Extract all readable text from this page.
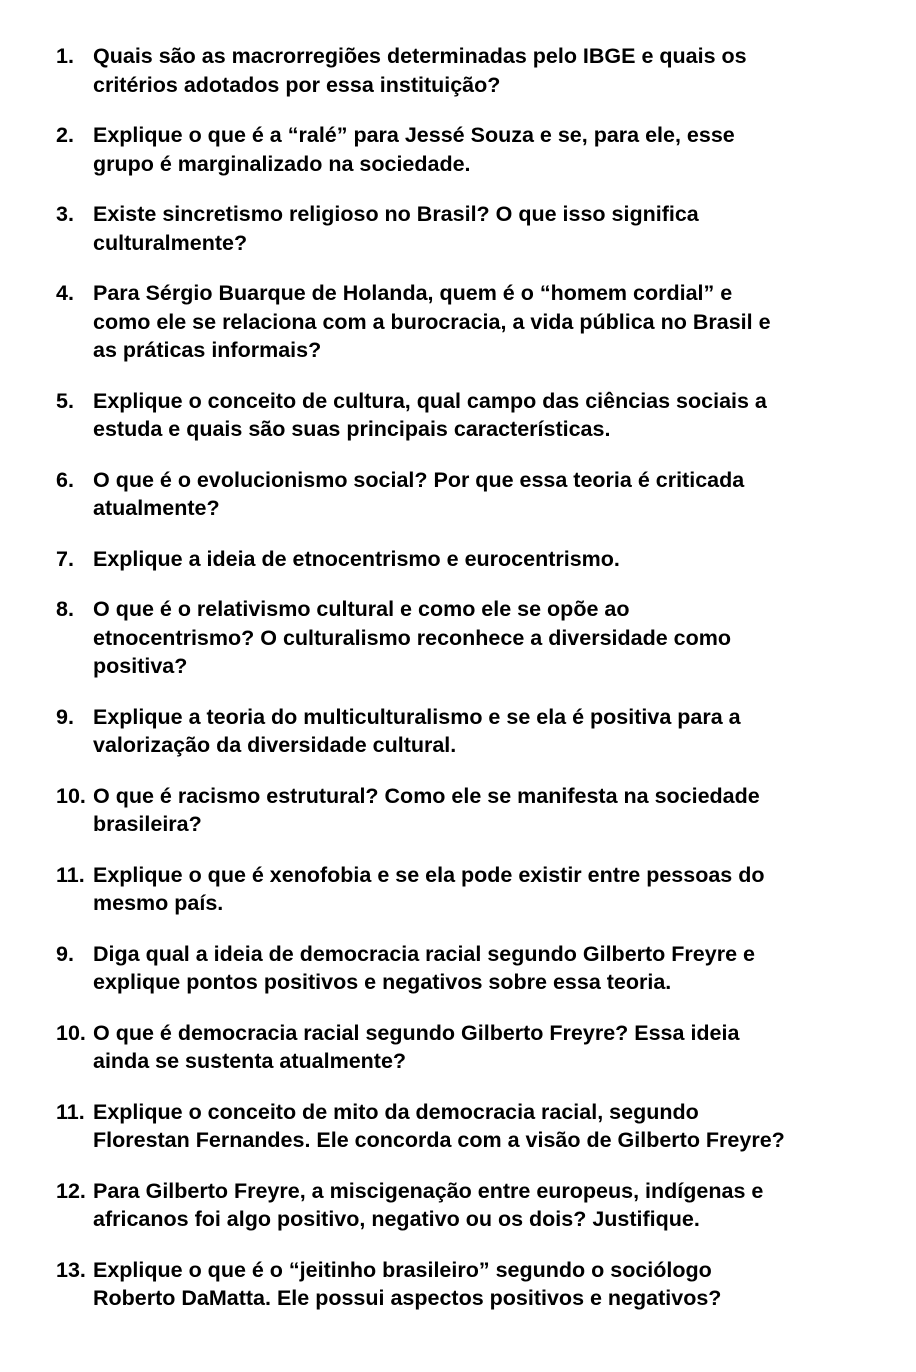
1. Quais são as macrorregiões determinadas pelo IBGE e quais os
critérios adotados por essa instituição?
2. Explique o que é a “ralé” para Jessé Souza e se, para ele, esse
grupo é marginalizado na sociedade.
3. Existe sincretismo religioso no Brasil? O que isso significa
culturalmente?
4. Para Sérgio Buarque de Holanda, quem é o “homem cordial” e
como ele se relaciona com a burocracia, a vida pública no Brasil e
as práticas informais?
5. Explique o conceito de cultura, qual campo das ciências sociais a
estuda e quais são suas principais características.
6. O que é o evolucionismo social? Por que essa teoria é criticada
atualmente?
7. Explique a ideia de etnocentrismo e eurocentrismo.
8. O que é o relativismo cultural e como ele se opõe ao
etnocentrismo? O culturalismo reconhece a diversidade como
positiva?
9. Explique a teoria do multiculturalismo e se ela é positiva para a
valorização da diversidade cultural.
10. O que é racismo estrutural? Como ele se manifesta na sociedade
brasileira?
11. Explique o que é xenofobia e se ela pode existir entre pessoas do
mesmo país.
9. Diga qual a ideia de democracia racial segundo Gilberto Freyre e
explique pontos positivos e negativos sobre essa teoria.
10. O que é democracia racial segundo Gilberto Freyre? Essa ideia
ainda se sustenta atualmente?
11. Explique o conceito de mito da democracia racial, segundo
Florestan Fernandes. Ele concorda com a visão de Gilberto Freyre?
12. Para Gilberto Freyre, a miscigenação entre europeus, indígenas e
africanos foi algo positivo, negativo ou os dois? Justifique.
13. Explique o que é o “jeitinho brasileiro” segundo o sociólogo
Roberto DaMatta. Ele possui aspectos positivos e negativos?
